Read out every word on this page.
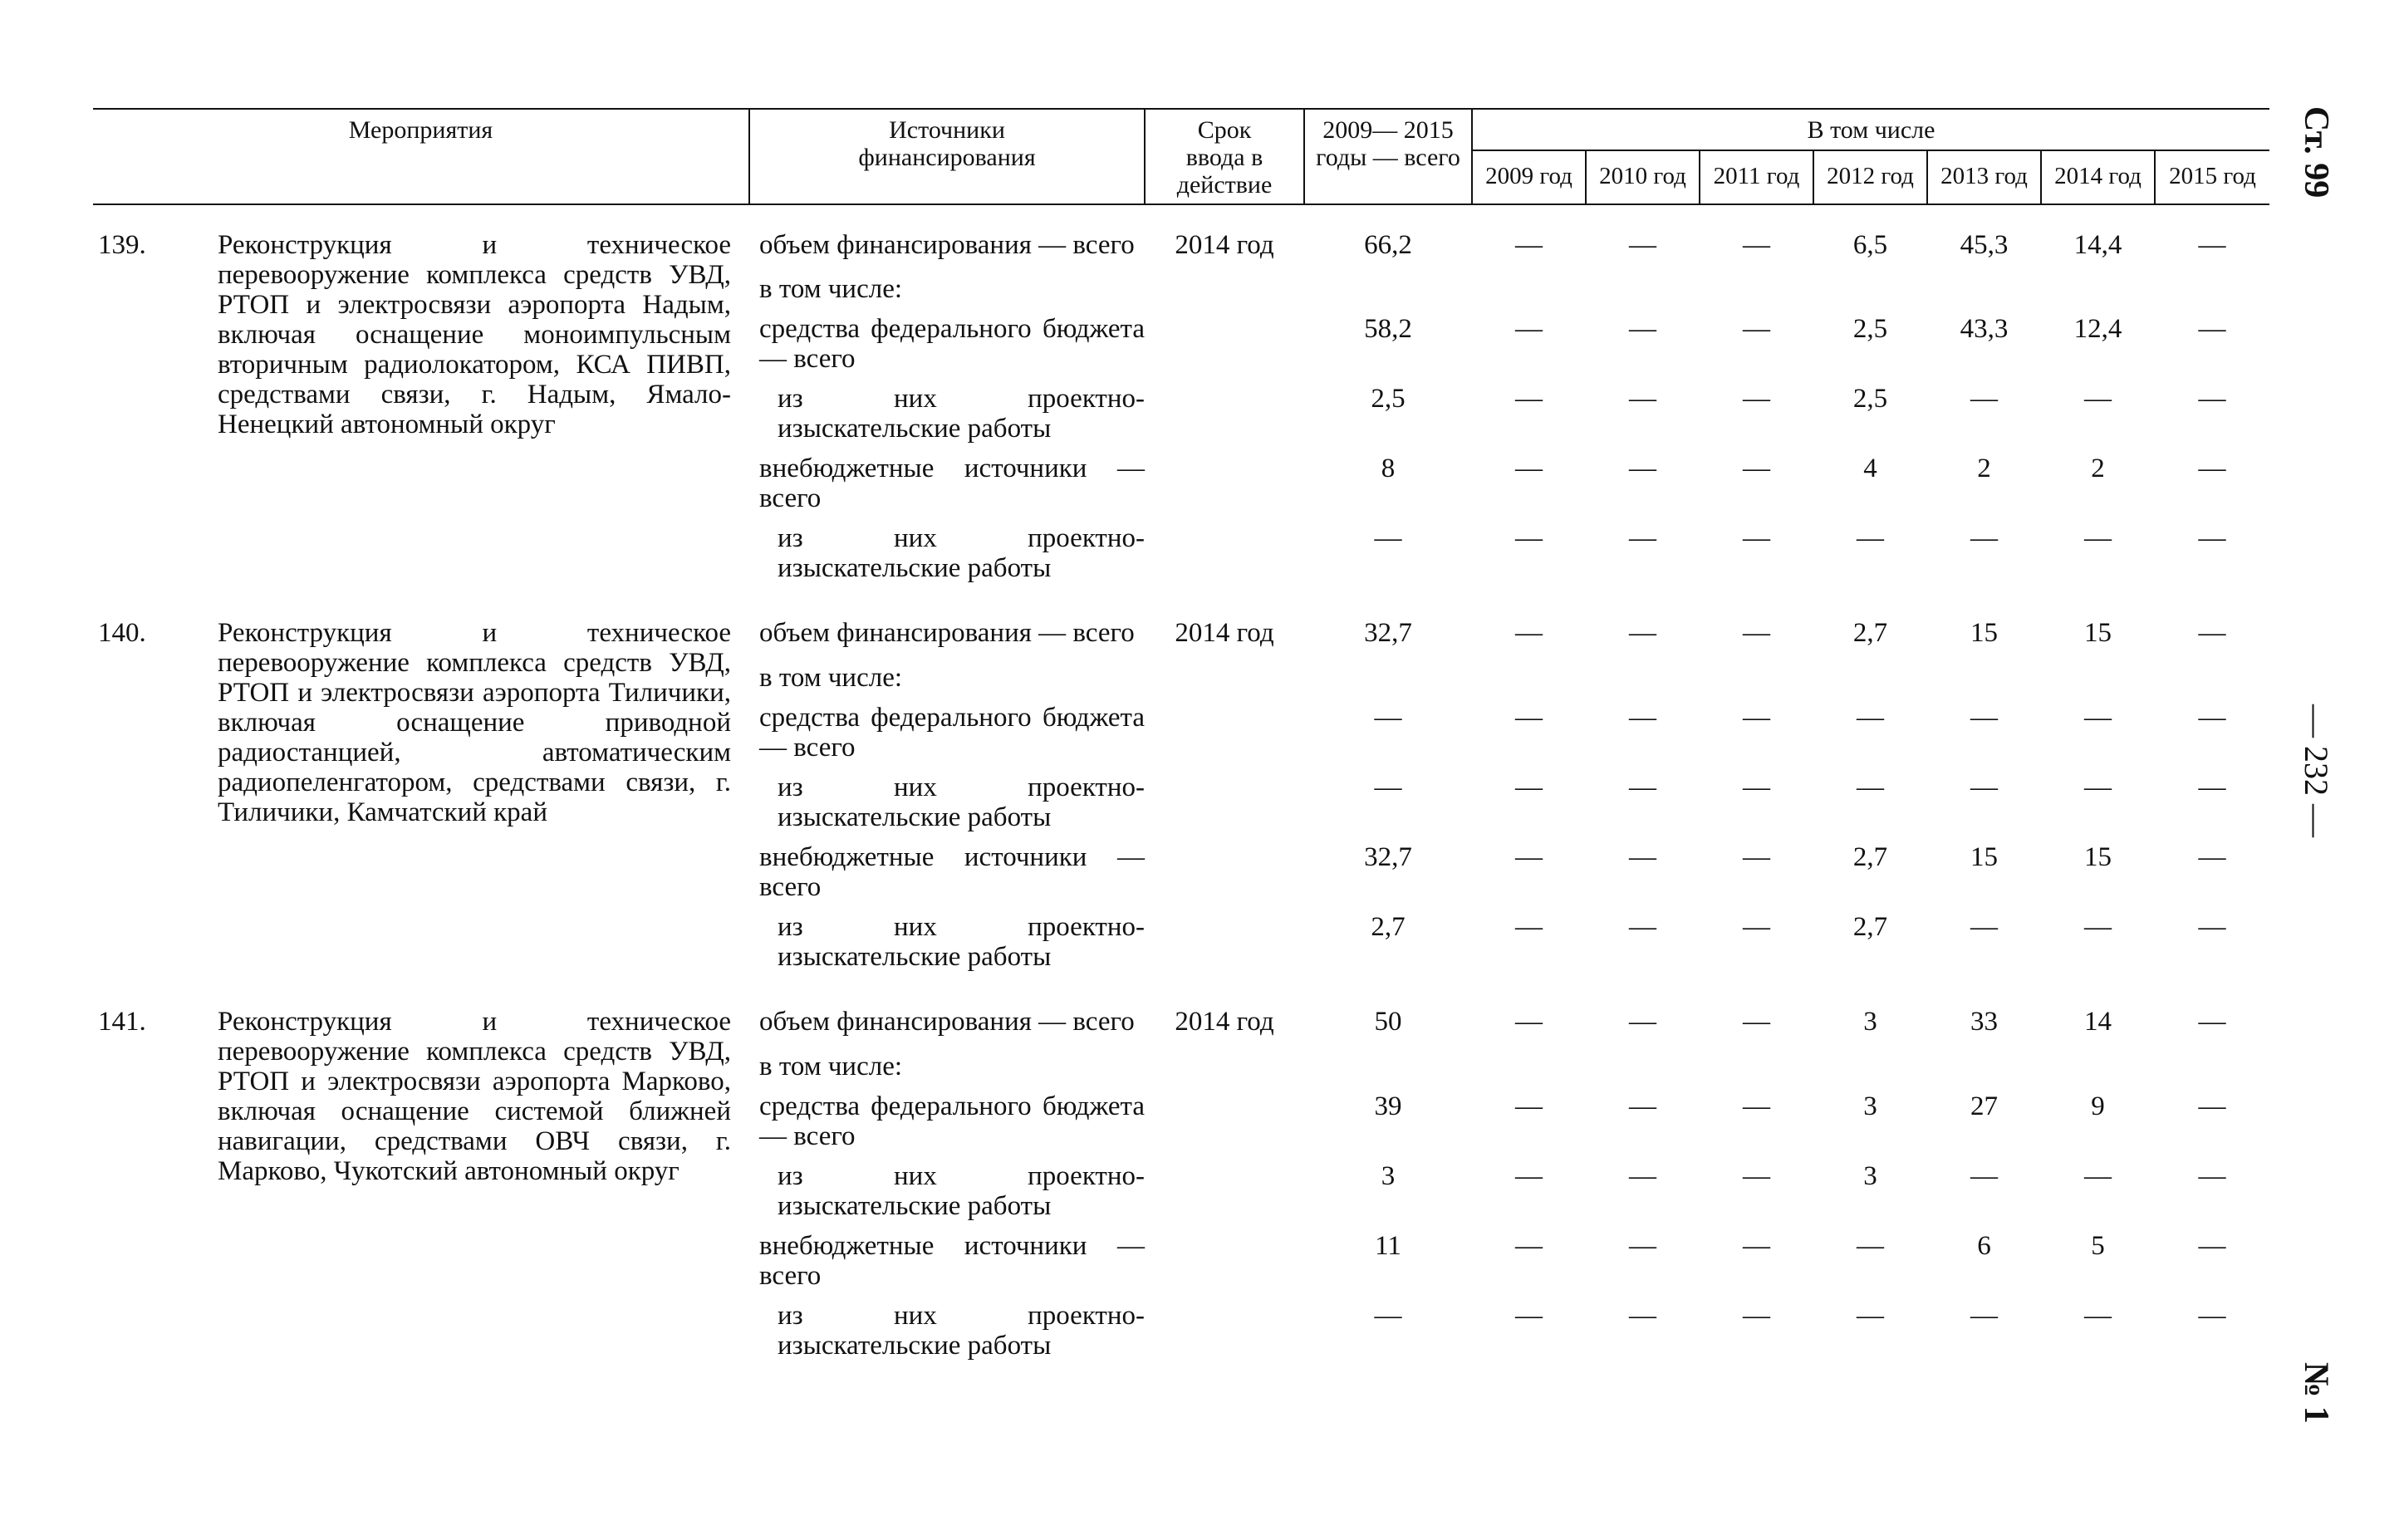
Мероприятия		Источники финансирования	Срок ввода в действие	2009— 2015 годы — всего	В том числе						
					2009 год	2010 год	2011 год	2012 год	2013 год	2014 год	2015 год
139.	Реконструкция и техническое перевооружение комплекса средств УВД, РТОП и электросвязи аэропорта Надым, включая оснащение моноимпульсным вторичным радиолокатором, КСА ПИВП, средствами связи, г. Надым, Ямало-Ненецкий автономный округ	объем финансирования — всего	2014 год	66,2	—	—	—	6,5	45,3	14,4	—
		в том числе:									
		средства федерального бюджета — всего		58,2	—	—	—	2,5	43,3	12,4	—
		из них проектно-изыскательские работы		2,5	—	—	—	2,5	—	—	—
		внебюджетные источники — всего		8	—	—	—	4	2	2	—
		из них проектно-изыскательские работы		—	—	—	—	—	—	—	—
140.	Реконструкция и техническое перевооружение комплекса средств УВД, РТОП и электросвязи аэропорта Тиличики, включая оснащение приводной радиостанцией, автоматическим радиопеленгатором, средствами связи, г. Тиличики, Камчатский край	объем финансирования — всего	2014 год	32,7	—	—	—	2,7	15	15	—
		в том числе:									
		средства федерального бюджета — всего		—	—	—	—	—	—	—	—
		из них проектно-изыскательские работы		—	—	—	—	—	—	—	—
		внебюджетные источники — всего		32,7	—	—	—	2,7	15	15	—
		из них проектно-изыскательские работы		2,7	—	—	—	2,7	—	—	—
141.	Реконструкция и техническое перевооружение комплекса средств УВД, РТОП и электросвязи аэропорта Марково, включая оснащение системой ближней навигации, средствами ОВЧ связи, г. Марково, Чукотский автономный округ	объем финансирования — всего	2014 год	50	—	—	—	3	33	14	—
		в том числе:									
		средства федерального бюджета — всего		39	—	—	—	3	27	9	—
		из них проектно-изыскательские работы		3	—	—	—	3	—	—	—
		внебюджетные источники — всего		11	—	—	—	—	6	5	—
		из них проектно-изыскательские работы		—	—	—	—	—	—	—	—
Ст. 99
— 232 —
№ 1
